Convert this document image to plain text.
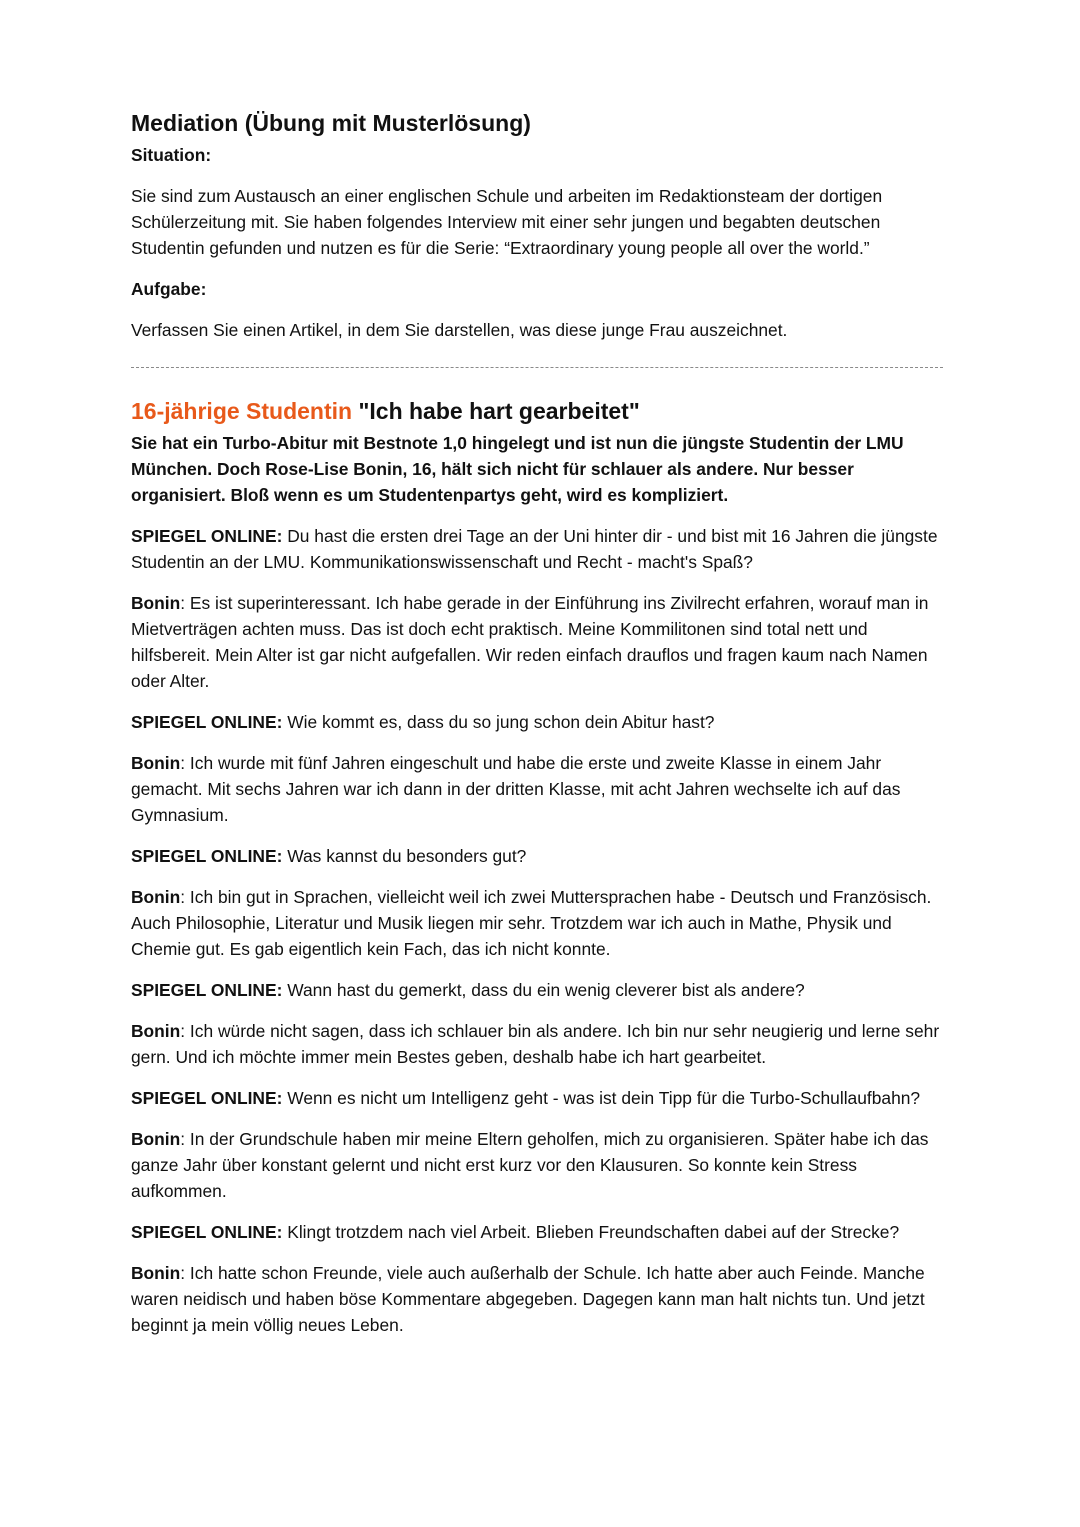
Mediation (Übung mit Musterlösung)

Situation:

Sie sind zum Austausch an einer englischen Schule und arbeiten im Redaktionsteam der dortigen Schülerzeitung mit. Sie haben folgendes Interview mit einer sehr jungen und begabten deutschen Studentin gefunden und nutzen es für die Serie: “Extraordinary young people all over the world.”

Aufgabe:

Verfassen Sie einen Artikel, in dem Sie darstellen, was diese junge Frau auszeichnet.

16-jährige Studentin "Ich habe hart gearbeitet"

Sie hat ein Turbo-Abitur mit Bestnote 1,0 hingelegt und ist nun die jüngste Studentin der LMU München. Doch Rose-Lise Bonin, 16, hält sich nicht für schlauer als andere. Nur besser organisiert. Bloß wenn es um Studentenpartys geht, wird es kompliziert.

SPIEGEL ONLINE: Du hast die ersten drei Tage an der Uni hinter dir - und bist mit 16 Jahren die jüngste Studentin an der LMU. Kommunikationswissenschaft und Recht - macht's Spaß?

Bonin: Es ist superinteressant. Ich habe gerade in der Einführung ins Zivilrecht erfahren, worauf man in Mietverträgen achten muss. Das ist doch echt praktisch. Meine Kommilitonen sind total nett und hilfsbereit. Mein Alter ist gar nicht aufgefallen. Wir reden einfach drauflos und fragen kaum nach Namen oder Alter.

SPIEGEL ONLINE: Wie kommt es, dass du so jung schon dein Abitur hast?

Bonin: Ich wurde mit fünf Jahren eingeschult und habe die erste und zweite Klasse in einem Jahr gemacht. Mit sechs Jahren war ich dann in der dritten Klasse, mit acht Jahren wechselte ich auf das Gymnasium.

SPIEGEL ONLINE: Was kannst du besonders gut?

Bonin: Ich bin gut in Sprachen, vielleicht weil ich zwei Muttersprachen habe - Deutsch und Französisch. Auch Philosophie, Literatur und Musik liegen mir sehr. Trotzdem war ich auch in Mathe, Physik und Chemie gut. Es gab eigentlich kein Fach, das ich nicht konnte.

SPIEGEL ONLINE: Wann hast du gemerkt, dass du ein wenig cleverer bist als andere?

Bonin: Ich würde nicht sagen, dass ich schlauer bin als andere. Ich bin nur sehr neugierig und lerne sehr gern. Und ich möchte immer mein Bestes geben, deshalb habe ich hart gearbeitet.

SPIEGEL ONLINE: Wenn es nicht um Intelligenz geht - was ist dein Tipp für die Turbo-Schullaufbahn?

Bonin: In der Grundschule haben mir meine Eltern geholfen, mich zu organisieren. Später habe ich das ganze Jahr über konstant gelernt und nicht erst kurz vor den Klausuren. So konnte kein Stress aufkommen.

SPIEGEL ONLINE: Klingt trotzdem nach viel Arbeit. Blieben Freundschaften dabei auf der Strecke?

Bonin: Ich hatte schon Freunde, viele auch außerhalb der Schule. Ich hatte aber auch Feinde. Manche waren neidisch und haben böse Kommentare abgegeben. Dagegen kann man halt nichts tun. Und jetzt beginnt ja mein völlig neues Leben.
